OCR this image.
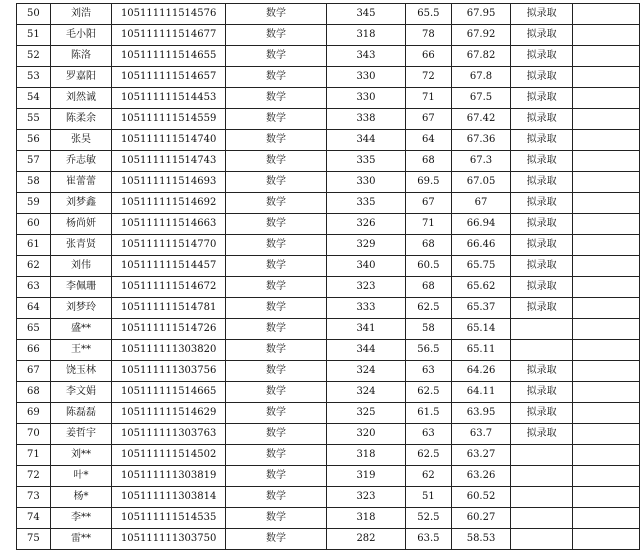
50	刘浩	105111111514576	数学	345	65.5	67.95	拟录取	
51	毛小阳	105111111514677	数学	318	78	67.92	拟录取	
52	陈洛	105111111514655	数学	343	66	67.82	拟录取	
53	罗嘉阳	105111111514657	数学	330	72	67.8	拟录取	
54	刘然诚	105111111514453	数学	330	71	67.5	拟录取	
55	陈柔余	105111111514559	数学	338	67	67.42	拟录取	
56	张昊	105111111514740	数学	344	64	67.36	拟录取	
57	乔志敏	105111111514743	数学	335	68	67.3	拟录取	
58	崔蕾蕾	105111111514693	数学	330	69.5	67.05	拟录取	
59	刘梦鑫	105111111514692	数学	335	67	67	拟录取	
60	杨尚妍	105111111514663	数学	326	71	66.94	拟录取	
61	张青贤	105111111514770	数学	329	68	66.46	拟录取	
62	刘伟	105111111514457	数学	340	60.5	65.75	拟录取	
63	李佩珊	105111111514672	数学	323	68	65.62	拟录取	
64	刘梦玲	105111111514781	数学	333	62.5	65.37	拟录取	
65	盛**	105111111514726	数学	341	58	65.14		
66	王**	105111111303820	数学	344	56.5	65.11		
67	饶玉林	105111111303756	数学	324	63	64.26	拟录取	
68	李文娟	105111111514665	数学	324	62.5	64.11	拟录取	
69	陈磊磊	105111111514629	数学	325	61.5	63.95	拟录取	
70	姜哲宇	105111111303763	数学	320	63	63.7	拟录取	
71	刘**	105111111514502	数学	318	62.5	63.27		
72	叶*	105111111303819	数学	319	62	63.26		
73	杨*	105111111303814	数学	323	51	60.52		
74	李**	105111111514535	数学	318	52.5	60.27		
75	雷**	105111111303750	数学	282	63.5	58.53		
